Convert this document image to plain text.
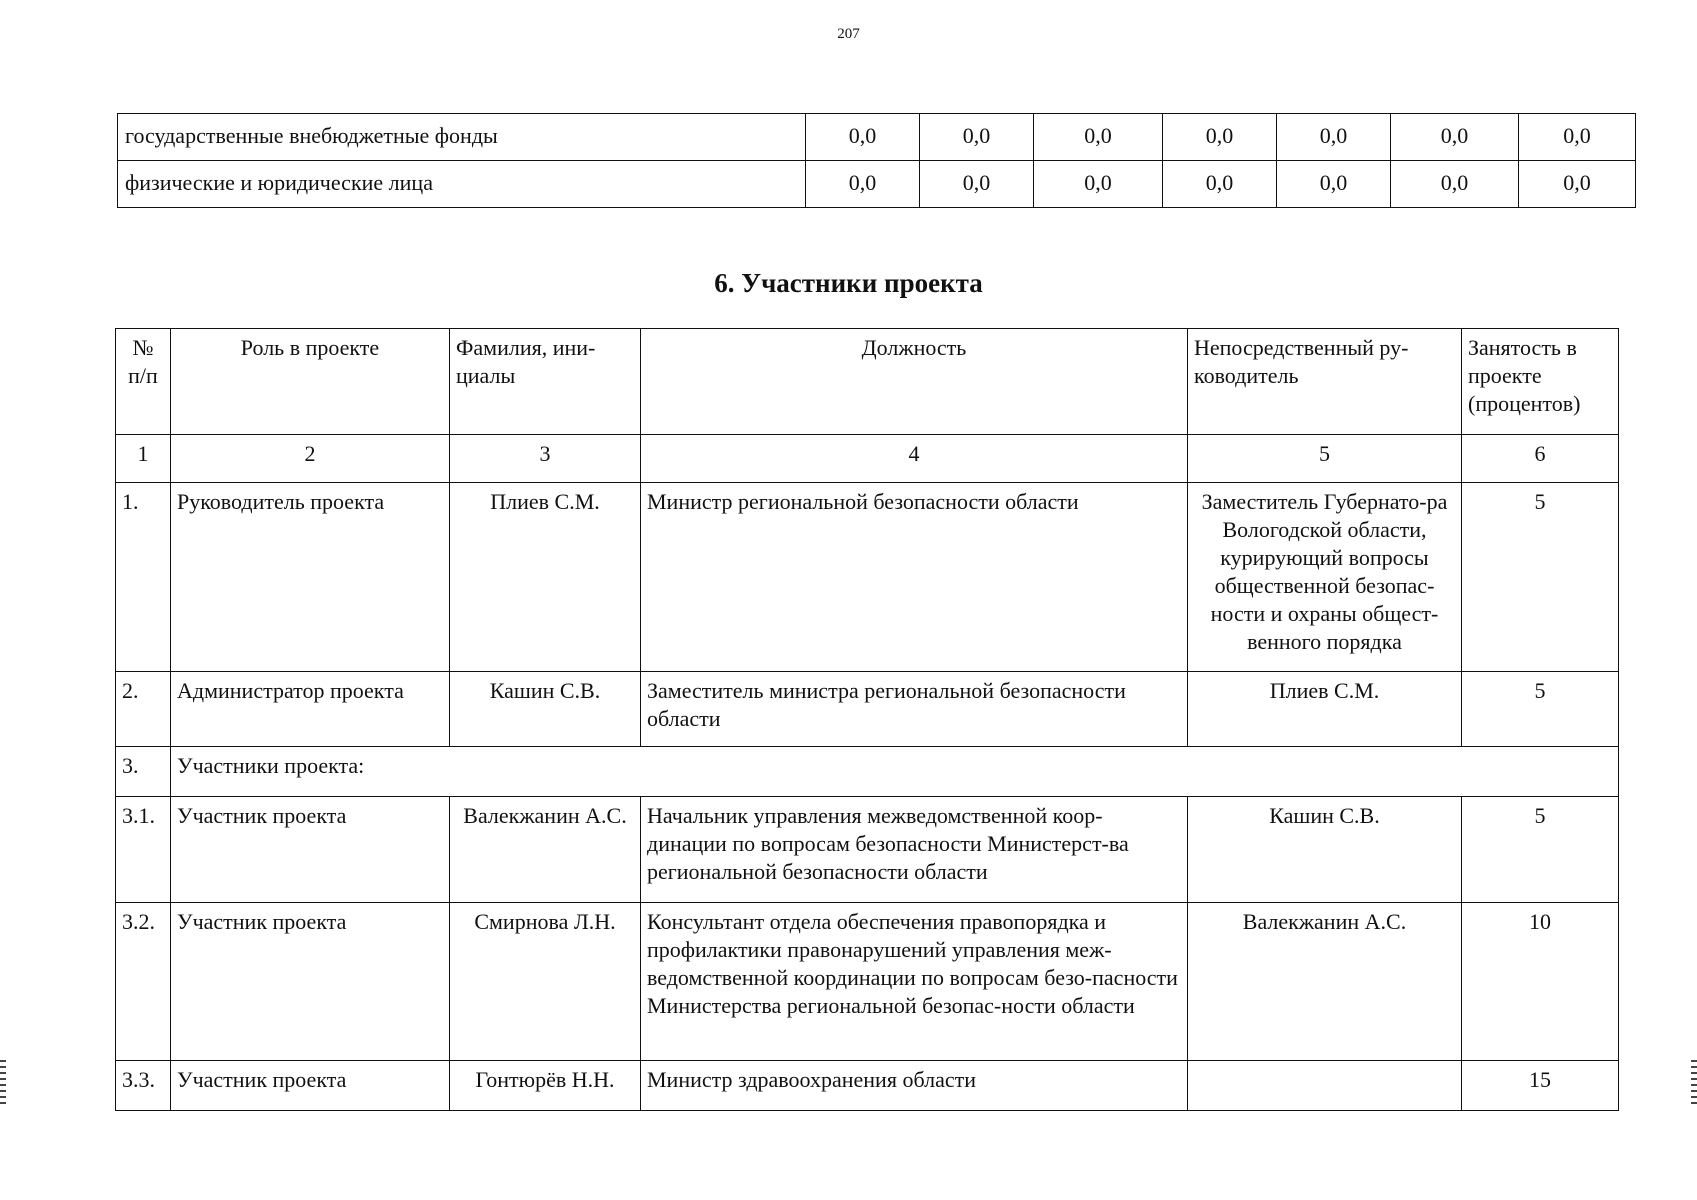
207
государственные внебюджетные фонды	0,0	0,0	0,0	0,0	0,0	0,0	0,0
физические и юридические лица	0,0	0,0	0,0	0,0	0,0	0,0	0,0
6. Участники проекта
№ п/п	Роль в проекте	Фамилия, ини-циалы	Должность	Непосредственный ру-ководитель	Занятость в проекте (процентов)
1	2	3	4	5	6
1.	Руководитель проекта	Плиев С.М.	Министр региональной безопасности области	Заместитель Губернато-ра Вологодской области, курирующий вопросы общественной безопас-ности и охраны общест-венного порядка	5
2.	Администратор проекта	Кашин С.В.	Заместитель министра региональной безопасности области	Плиев С.М.	5
3.	Участники проекта:				
3.1.	Участник проекта	Валекжанин А.С.	Начальник управления межведомственной коор-динации по вопросам безопасности Министерст-ва региональной безопасности области	Кашин С.В.	5
3.2.	Участник проекта	Смирнова Л.Н.	Консультант отдела обеспечения правопорядка и профилактики правонарушений управления меж-ведомственной координации по вопросам безо-пасности Министерства региональной безопас-ности области	Валекжанин А.С.	10
3.3.	Участник проекта	Гонтюрёв Н.Н.	Министр здравоохранения области		15
